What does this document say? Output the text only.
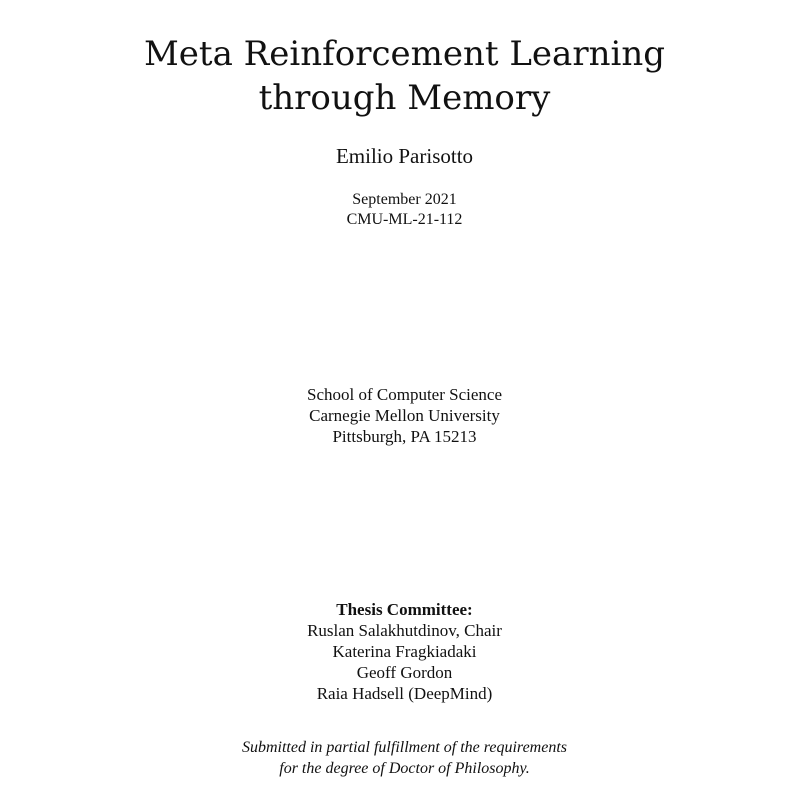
Meta Reinforcement Learning
through Memory
Emilio Parisotto
September 2021
CMU-ML-21-112
School of Computer Science
Carnegie Mellon University
Pittsburgh, PA 15213
Thesis Committee:
Ruslan Salakhutdinov, Chair
Katerina Fragkiadaki
Geoff Gordon
Raia Hadsell (DeepMind)
Submitted in partial fulfillment of the requirements
for the degree of Doctor of Philosophy.
